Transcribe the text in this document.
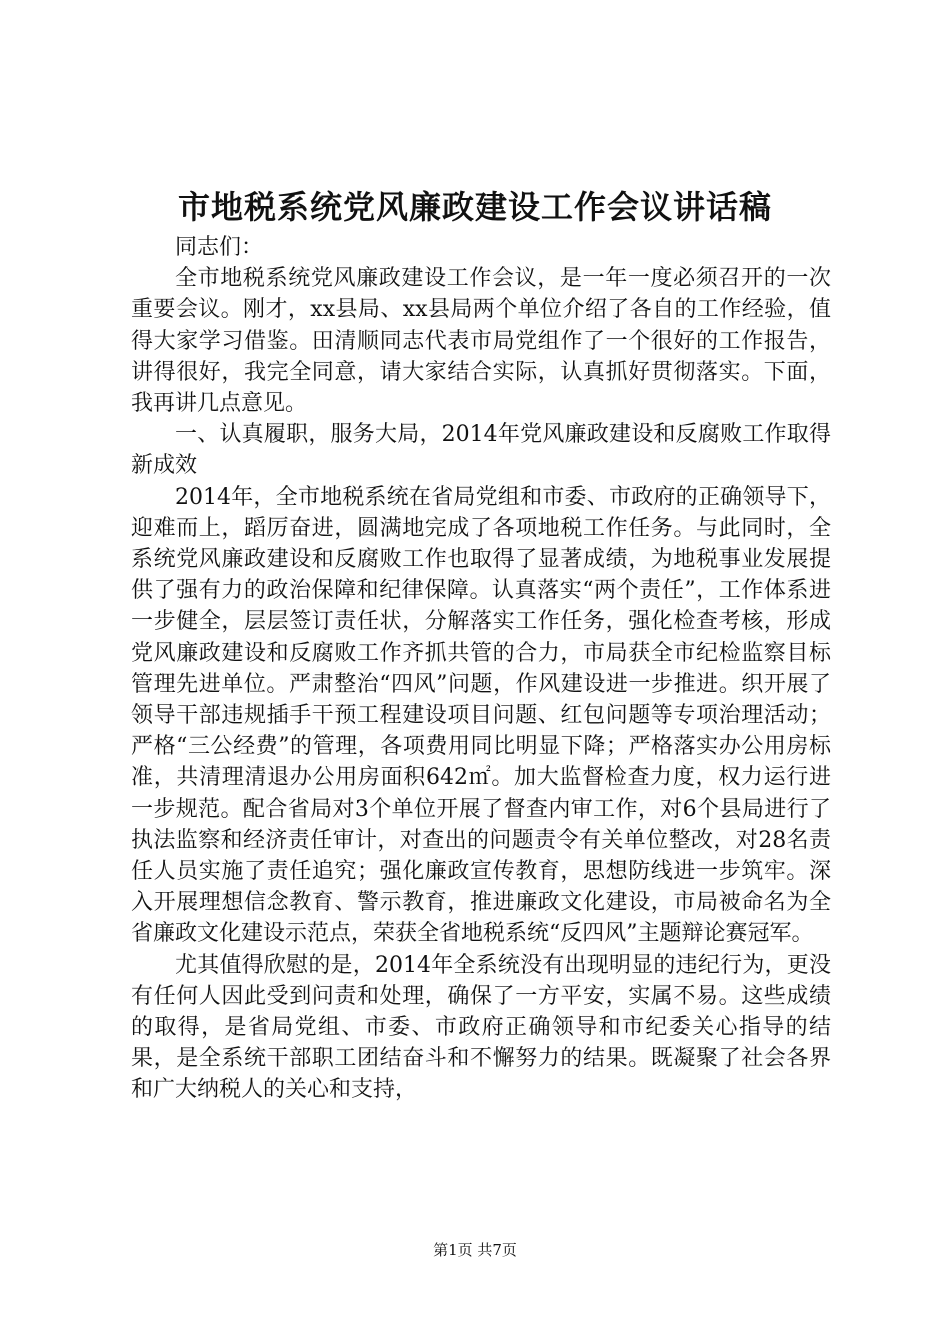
市地税系统党风廉政建设工作会议讲话稿

同志们：

全市地税系统党风廉政建设工作会议，是一年一度必须召开的一次重要会议。刚才，xx县局、xx县局两个单位介绍了各自的工作经验，值得大家学习借鉴。田清顺同志代表市局党组作了一个很好的工作报告，讲得很好，我完全同意，请大家结合实际，认真抓好贯彻落实。下面，我再讲几点意见。

一、认真履职，服务大局，2014年党风廉政建设和反腐败工作取得新成效

2014年，全市地税系统在省局党组和市委、市政府的正确领导下，迎难而上，蹈厉奋进，圆满地完成了各项地税工作任务。与此同时，全系统党风廉政建设和反腐败工作也取得了显著成绩，为地税事业发展提供了强有力的政治保障和纪律保障。认真落实“两个责任”，工作体系进一步健全，层层签订责任状，分解落实工作任务，强化检查考核，形成党风廉政建设和反腐败工作齐抓共管的合力，市局获全市纪检监察目标管理先进单位。严肃整治“四风”问题，作风建设进一步推进。织开展了领导干部违规插手干预工程建设项目问题、红包问题等专项治理活动；严格“三公经费”的管理，各项费用同比明显下降；严格落实办公用房标准，共清理清退办公用房面积642㎡。加大监督检查力度，权力运行进一步规范。配合省局对3个单位开展了督查内审工作，对6个县局进行了执法监察和经济责任审计，对查出的问题责令有关单位整改，对28名责任人员实施了责任追究；强化廉政宣传教育，思想防线进一步筑牢。深入开展理想信念教育、警示教育，推进廉政文化建设，市局被命名为全省廉政文化建设示范点，荣获全省地税系统“反四风”主题辩论赛冠军。

尤其值得欣慰的是，2014年全系统没有出现明显的违纪行为，更没有任何人因此受到问责和处理，确保了一方平安，实属不易。这些成绩的取得，是省局党组、市委、市政府正确领导和市纪委关心指导的结果，是全系统干部职工团结奋斗和不懈努力的结果。既凝聚了社会各界和广大纳税人的关心和支持，

第1页 共7页
